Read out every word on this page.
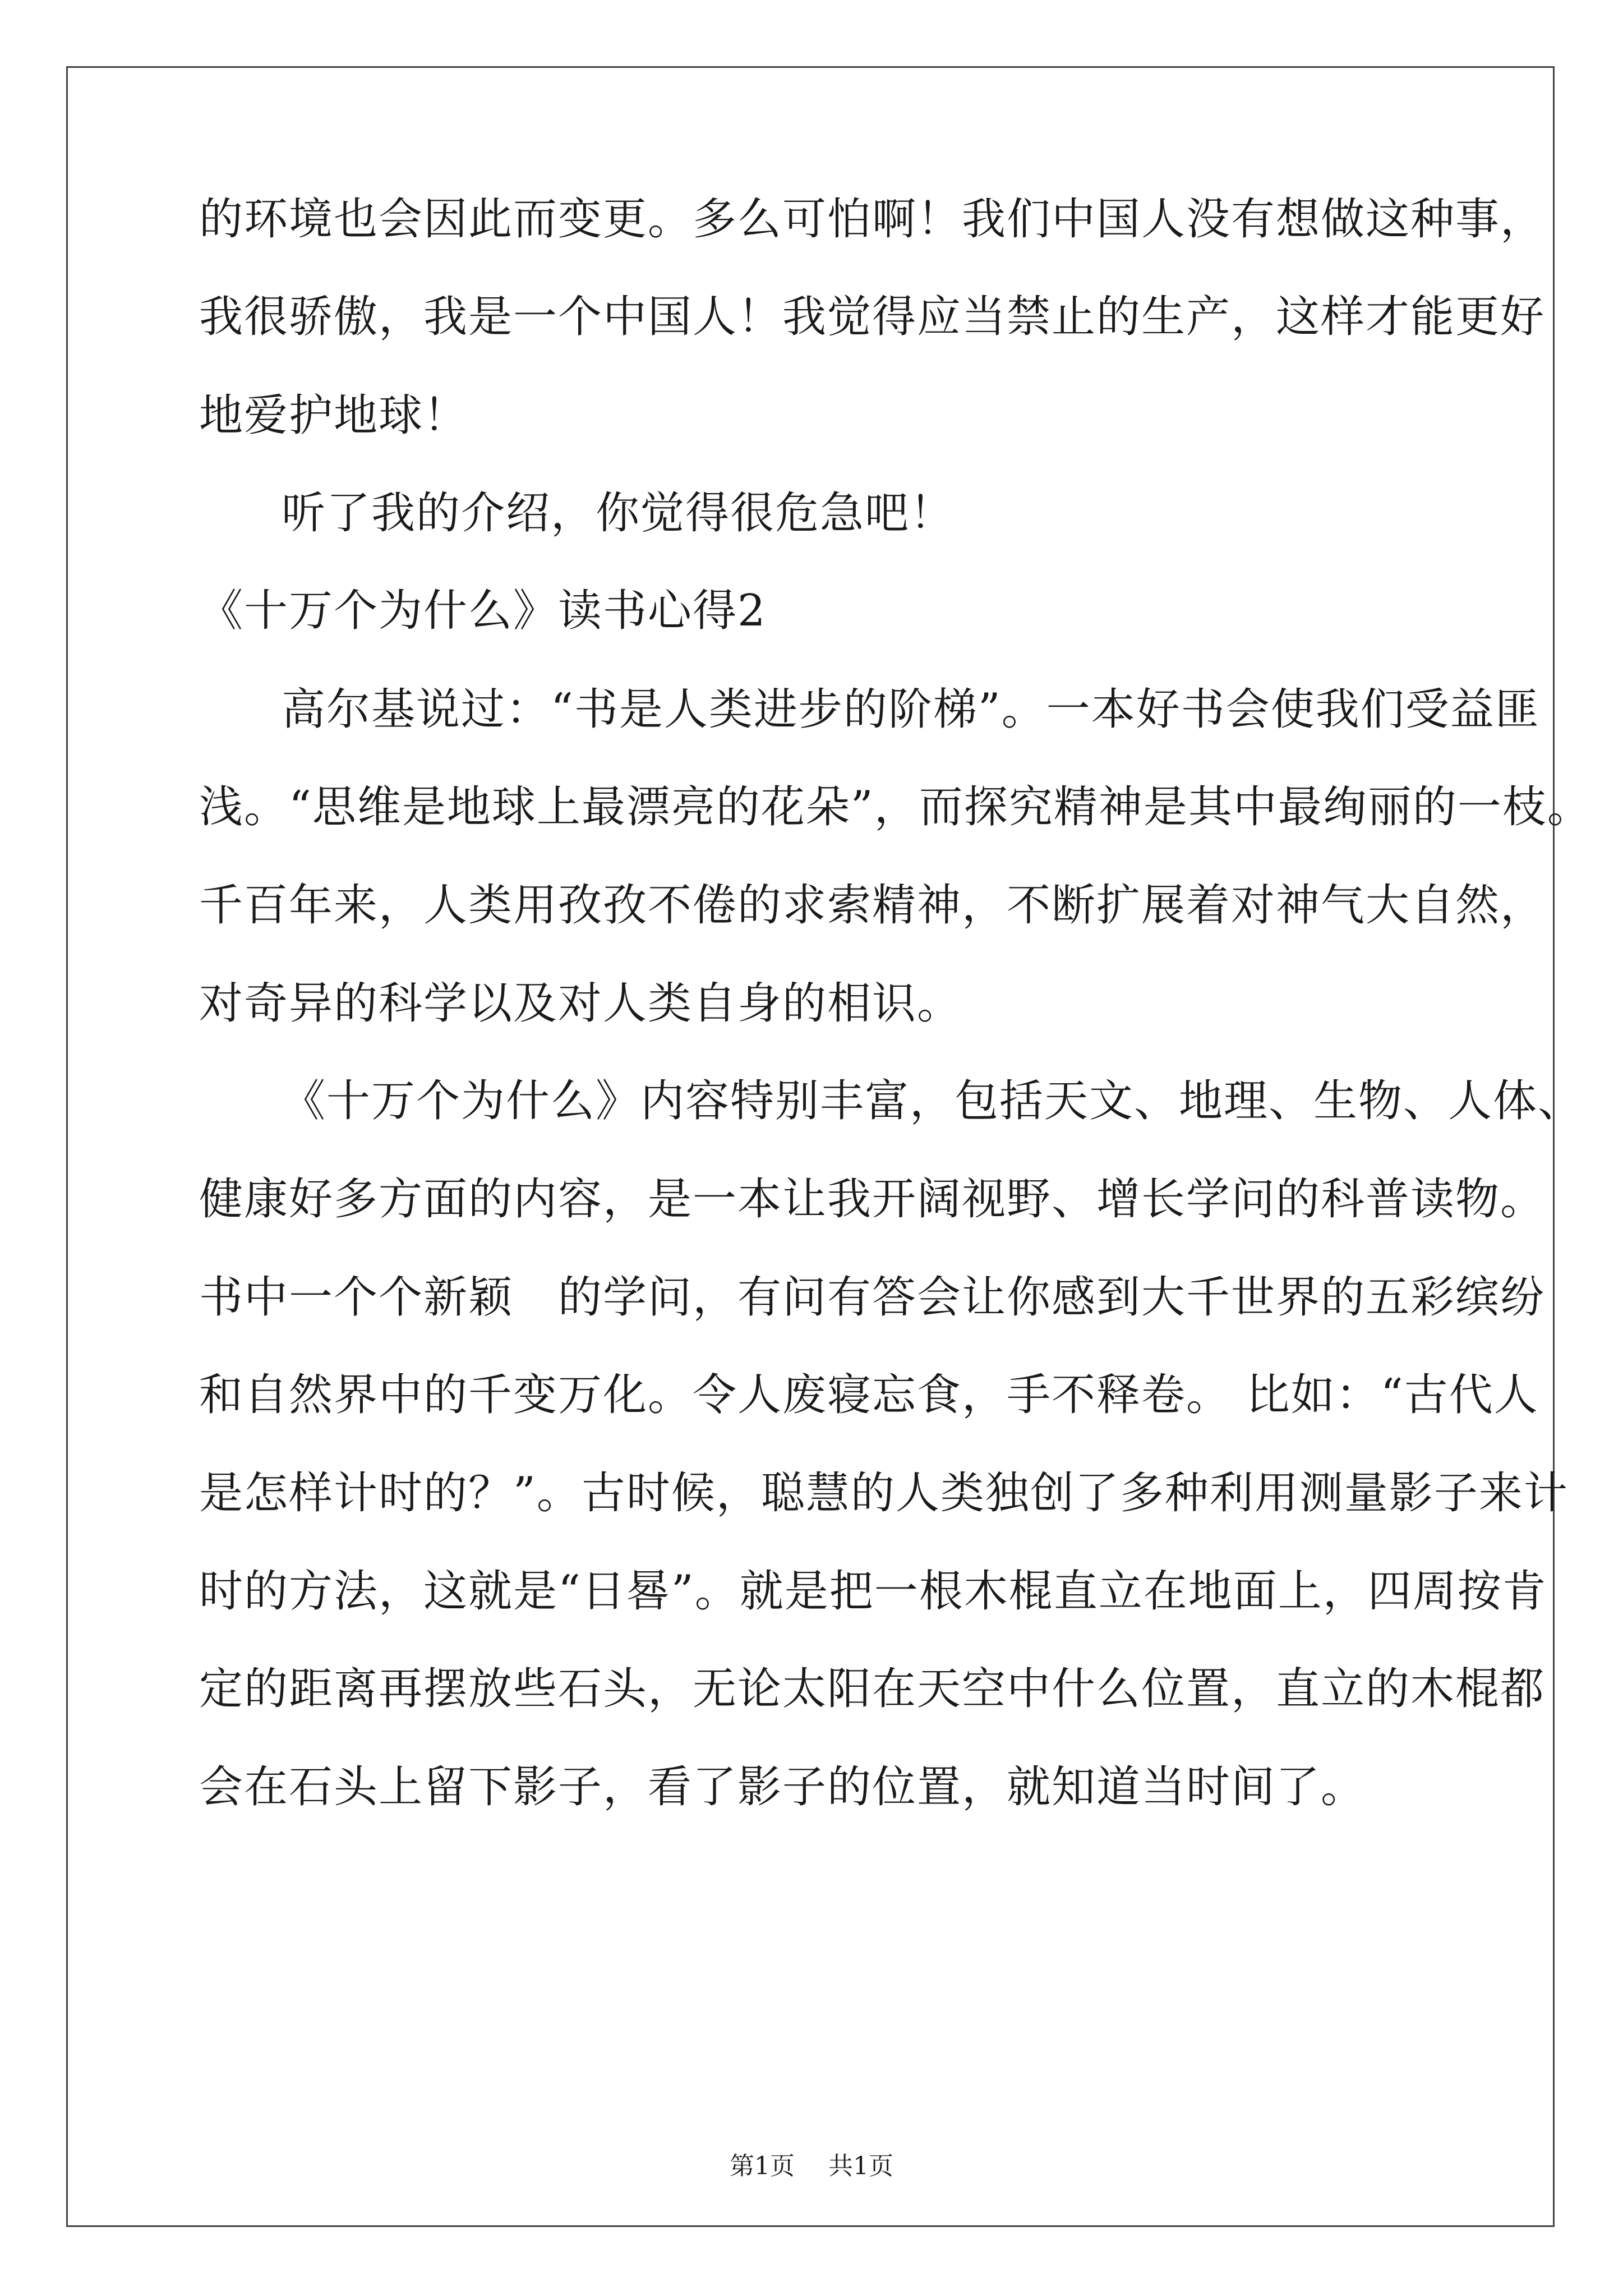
的环境也会因此而变更。多么可怕啊！我们中国人没有想做这种事，
我很骄傲，我是一个中国人！我觉得应当禁止的生产，这样才能更好
地爱护地球！
听了我的介绍，你觉得很危急吧！
《十万个为什么》读书心得2
高尔基说过：“书是人类进步的阶梯”。一本好书会使我们受益匪
浅。“思维是地球上最漂亮的花朵”，而探究精神是其中最绚丽的一枝。
千百年来，人类用孜孜不倦的求索精神，不断扩展着对神气大自然，
对奇异的科学以及对人类自身的相识。
《十万个为什么》内容特别丰富，包括天文、地理、生物、人体、
健康好多方面的内容，是一本让我开阔视野、增长学问的科普读物。
书中一个个新颖　的学问，有问有答会让你感到大千世界的五彩缤纷
和自然界中的千变万化。令人废寝忘食，手不释卷。 比如：“古代人
是怎样计时的？”。古时候，聪慧的人类独创了多种利用测量影子来计
时的方法，这就是“日晷”。就是把一根木棍直立在地面上，四周按肯
定的距离再摆放些石头，无论太阳在天空中什么位置，直立的木棍都
会在石头上留下影子，看了影子的位置，就知道当时间了。
第1页 共1页
